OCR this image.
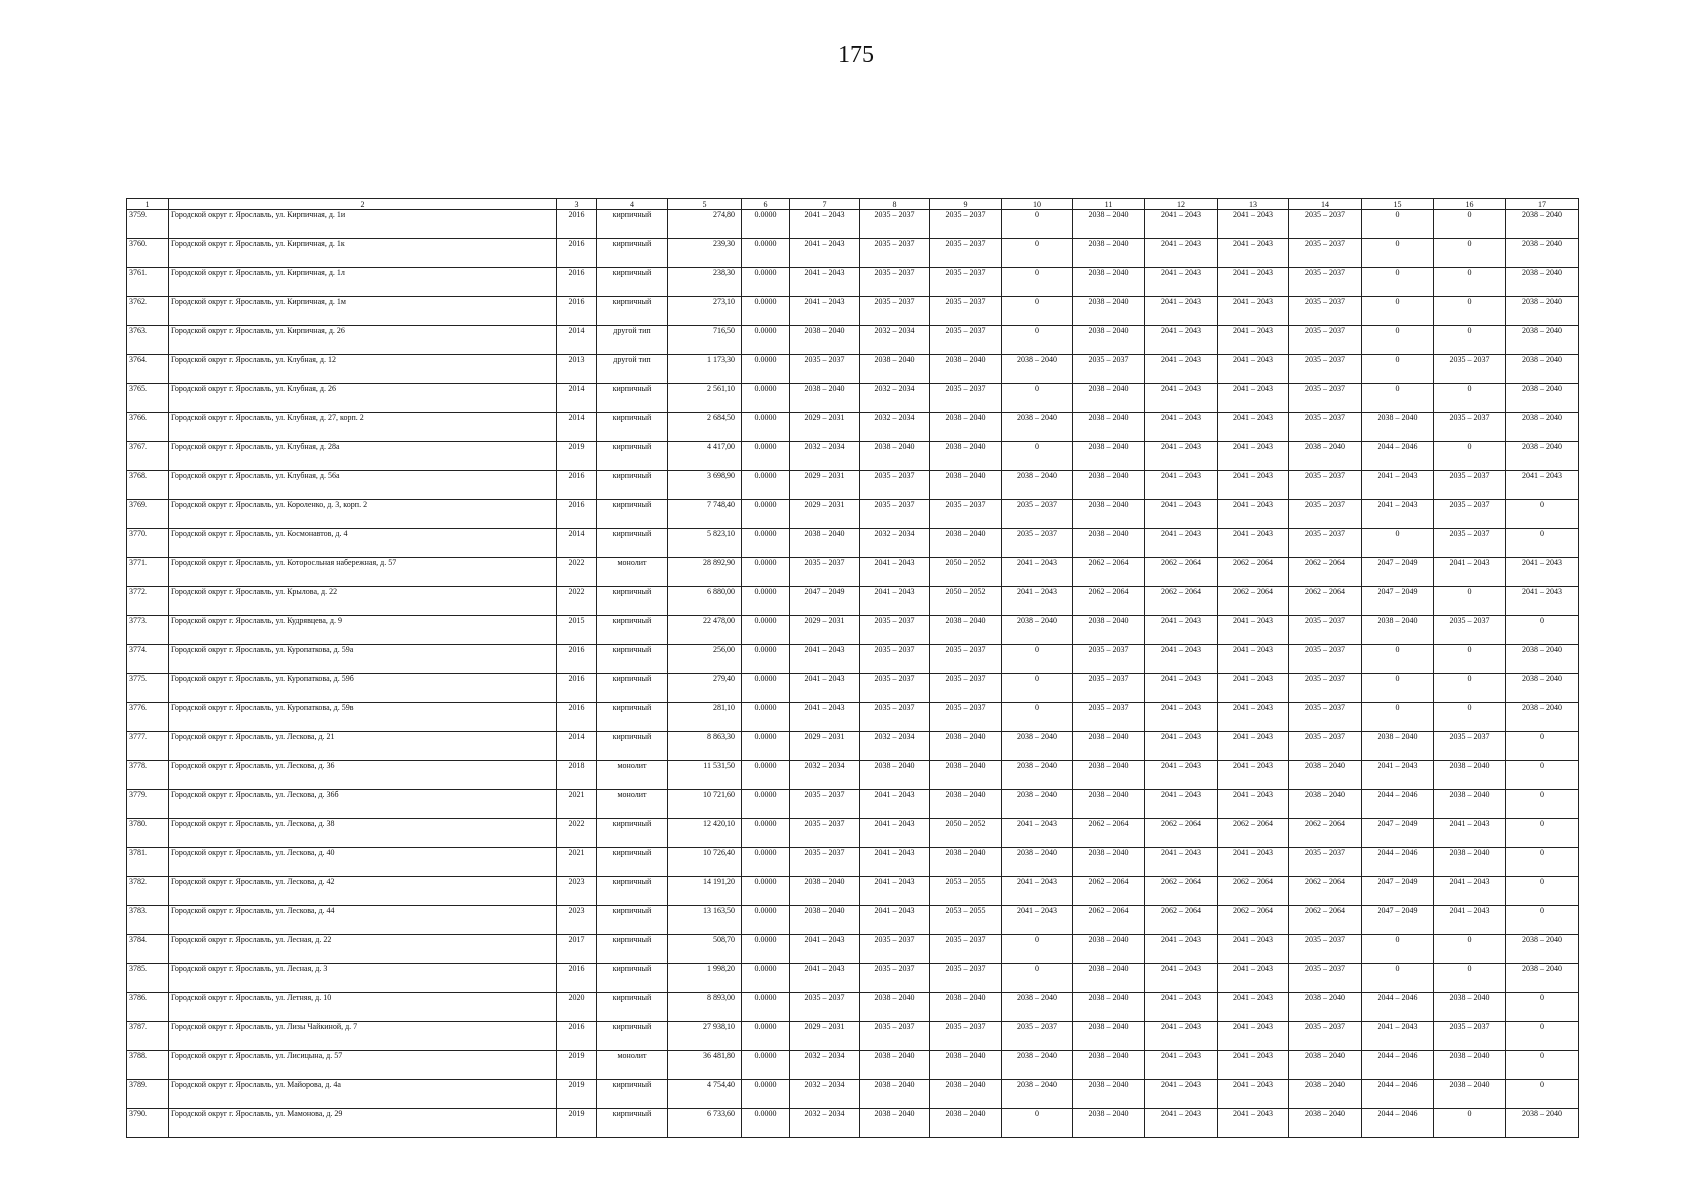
175
1	2	3	4	5	6	7	8	9	10	11	12	13	14	15	16	17
3759.	Городской округ г. Ярославль, ул. Кирпичная, д. 1и	2016	кирпичный	274,80	0.0000	2041 – 2043	2035 – 2037	2035 – 2037	0	2038 – 2040	2041 – 2043	2041 – 2043	2035 – 2037	0	0	2038 – 2040
3760.	Городской округ г. Ярославль, ул. Кирпичная, д. 1к	2016	кирпичный	239,30	0.0000	2041 – 2043	2035 – 2037	2035 – 2037	0	2038 – 2040	2041 – 2043	2041 – 2043	2035 – 2037	0	0	2038 – 2040
3761.	Городской округ г. Ярославль, ул. Кирпичная, д. 1л	2016	кирпичный	238,30	0.0000	2041 – 2043	2035 – 2037	2035 – 2037	0	2038 – 2040	2041 – 2043	2041 – 2043	2035 – 2037	0	0	2038 – 2040
3762.	Городской округ г. Ярославль, ул. Кирпичная, д. 1м	2016	кирпичный	273,10	0.0000	2041 – 2043	2035 – 2037	2035 – 2037	0	2038 – 2040	2041 – 2043	2041 – 2043	2035 – 2037	0	0	2038 – 2040
3763.	Городской округ г. Ярославль, ул. Кирпичная, д. 26	2014	другой тип	716,50	0.0000	2038 – 2040	2032 – 2034	2035 – 2037	0	2038 – 2040	2041 – 2043	2041 – 2043	2035 – 2037	0	0	2038 – 2040
3764.	Городской округ г. Ярославль, ул. Клубная, д. 12	2013	другой тип	1 173,30	0.0000	2035 – 2037	2038 – 2040	2038 – 2040	2038 – 2040	2035 – 2037	2041 – 2043	2041 – 2043	2035 – 2037	0	2035 – 2037	2038 – 2040
3765.	Городской округ г. Ярославль, ул. Клубная, д. 26	2014	кирпичный	2 561,10	0.0000	2038 – 2040	2032 – 2034	2035 – 2037	0	2038 – 2040	2041 – 2043	2041 – 2043	2035 – 2037	0	0	2038 – 2040
3766.	Городской округ г. Ярославль, ул. Клубная, д. 27, корп. 2	2014	кирпичный	2 684,50	0.0000	2029 – 2031	2032 – 2034	2038 – 2040	2038 – 2040	2038 – 2040	2041 – 2043	2041 – 2043	2035 – 2037	2038 – 2040	2035 – 2037	2038 – 2040
3767.	Городской округ г. Ярославль, ул. Клубная, д. 28а	2019	кирпичный	4 417,00	0.0000	2032 – 2034	2038 – 2040	2038 – 2040	0	2038 – 2040	2041 – 2043	2041 – 2043	2038 – 2040	2044 – 2046	0	2038 – 2040
3768.	Городской округ г. Ярославль, ул. Клубная, д. 56а	2016	кирпичный	3 698,90	0.0000	2029 – 2031	2035 – 2037	2038 – 2040	2038 – 2040	2038 – 2040	2041 – 2043	2041 – 2043	2035 – 2037	2041 – 2043	2035 – 2037	2041 – 2043
3769.	Городской округ г. Ярославль, ул. Короленко, д. 3, корп. 2	2016	кирпичный	7 748,40	0.0000	2029 – 2031	2035 – 2037	2035 – 2037	2035 – 2037	2038 – 2040	2041 – 2043	2041 – 2043	2035 – 2037	2041 – 2043	2035 – 2037	0
3770.	Городской округ г. Ярославль, ул. Космонавтов, д. 4	2014	кирпичный	5 823,10	0.0000	2038 – 2040	2032 – 2034	2038 – 2040	2035 – 2037	2038 – 2040	2041 – 2043	2041 – 2043	2035 – 2037	0	2035 – 2037	0
3771.	Городской округ г. Ярославль, ул. Которосльная набережная, д. 57	2022	монолит	28 892,90	0.0000	2035 – 2037	2041 – 2043	2050 – 2052	2041 – 2043	2062 – 2064	2062 – 2064	2062 – 2064	2062 – 2064	2047 – 2049	2041 – 2043	2041 – 2043
3772.	Городской округ г. Ярославль, ул. Крылова, д. 22	2022	кирпичный	6 880,00	0.0000	2047 – 2049	2041 – 2043	2050 – 2052	2041 – 2043	2062 – 2064	2062 – 2064	2062 – 2064	2062 – 2064	2047 – 2049	0	2041 – 2043
3773.	Городской округ г. Ярославль, ул. Кудрявцева, д. 9	2015	кирпичный	22 478,00	0.0000	2029 – 2031	2035 – 2037	2038 – 2040	2038 – 2040	2038 – 2040	2041 – 2043	2041 – 2043	2035 – 2037	2038 – 2040	2035 – 2037	0
3774.	Городской округ г. Ярославль, ул. Куропаткова, д. 59а	2016	кирпичный	256,00	0.0000	2041 – 2043	2035 – 2037	2035 – 2037	0	2035 – 2037	2041 – 2043	2041 – 2043	2035 – 2037	0	0	2038 – 2040
3775.	Городской округ г. Ярославль, ул. Куропаткова, д. 59б	2016	кирпичный	279,40	0.0000	2041 – 2043	2035 – 2037	2035 – 2037	0	2035 – 2037	2041 – 2043	2041 – 2043	2035 – 2037	0	0	2038 – 2040
3776.	Городской округ г. Ярославль, ул. Куропаткова, д. 59в	2016	кирпичный	281,10	0.0000	2041 – 2043	2035 – 2037	2035 – 2037	0	2035 – 2037	2041 – 2043	2041 – 2043	2035 – 2037	0	0	2038 – 2040
3777.	Городской округ г. Ярославль, ул. Лескова, д. 21	2014	кирпичный	8 863,30	0.0000	2029 – 2031	2032 – 2034	2038 – 2040	2038 – 2040	2038 – 2040	2041 – 2043	2041 – 2043	2035 – 2037	2038 – 2040	2035 – 2037	0
3778.	Городской округ г. Ярославль, ул. Лескова, д. 36	2018	монолит	11 531,50	0.0000	2032 – 2034	2038 – 2040	2038 – 2040	2038 – 2040	2038 – 2040	2041 – 2043	2041 – 2043	2038 – 2040	2041 – 2043	2038 – 2040	0
3779.	Городской округ г. Ярославль, ул. Лескова, д. 36б	2021	монолит	10 721,60	0.0000	2035 – 2037	2041 – 2043	2038 – 2040	2038 – 2040	2038 – 2040	2041 – 2043	2041 – 2043	2038 – 2040	2044 – 2046	2038 – 2040	0
3780.	Городской округ г. Ярославль, ул. Лескова, д. 38	2022	кирпичный	12 420,10	0.0000	2035 – 2037	2041 – 2043	2050 – 2052	2041 – 2043	2062 – 2064	2062 – 2064	2062 – 2064	2062 – 2064	2047 – 2049	2041 – 2043	0
3781.	Городской округ г. Ярославль, ул. Лескова, д. 40	2021	кирпичный	10 726,40	0.0000	2035 – 2037	2041 – 2043	2038 – 2040	2038 – 2040	2038 – 2040	2041 – 2043	2041 – 2043	2035 – 2037	2044 – 2046	2038 – 2040	0
3782.	Городской округ г. Ярославль, ул. Лескова, д. 42	2023	кирпичный	14 191,20	0.0000	2038 – 2040	2041 – 2043	2053 – 2055	2041 – 2043	2062 – 2064	2062 – 2064	2062 – 2064	2062 – 2064	2047 – 2049	2041 – 2043	0
3783.	Городской округ г. Ярославль, ул. Лескова, д. 44	2023	кирпичный	13 163,50	0.0000	2038 – 2040	2041 – 2043	2053 – 2055	2041 – 2043	2062 – 2064	2062 – 2064	2062 – 2064	2062 – 2064	2047 – 2049	2041 – 2043	0
3784.	Городской округ г. Ярославль, ул. Лесная, д. 22	2017	кирпичный	508,70	0.0000	2041 – 2043	2035 – 2037	2035 – 2037	0	2038 – 2040	2041 – 2043	2041 – 2043	2035 – 2037	0	0	2038 – 2040
3785.	Городской округ г. Ярославль, ул. Лесная, д. 3	2016	кирпичный	1 998,20	0.0000	2041 – 2043	2035 – 2037	2035 – 2037	0	2038 – 2040	2041 – 2043	2041 – 2043	2035 – 2037	0	0	2038 – 2040
3786.	Городской округ г. Ярославль, ул. Летняя, д. 10	2020	кирпичный	8 893,00	0.0000	2035 – 2037	2038 – 2040	2038 – 2040	2038 – 2040	2038 – 2040	2041 – 2043	2041 – 2043	2038 – 2040	2044 – 2046	2038 – 2040	0
3787.	Городской округ г. Ярославль, ул. Лизы Чайкиной, д. 7	2016	кирпичный	27 938,10	0.0000	2029 – 2031	2035 – 2037	2035 – 2037	2035 – 2037	2038 – 2040	2041 – 2043	2041 – 2043	2035 – 2037	2041 – 2043	2035 – 2037	0
3788.	Городской округ г. Ярославль, ул. Лисицына, д. 57	2019	монолит	36 481,80	0.0000	2032 – 2034	2038 – 2040	2038 – 2040	2038 – 2040	2038 – 2040	2041 – 2043	2041 – 2043	2038 – 2040	2044 – 2046	2038 – 2040	0
3789.	Городской округ г. Ярославль, ул. Майорова, д. 4а	2019	кирпичный	4 754,40	0.0000	2032 – 2034	2038 – 2040	2038 – 2040	2038 – 2040	2038 – 2040	2041 – 2043	2041 – 2043	2038 – 2040	2044 – 2046	2038 – 2040	0
3790.	Городской округ г. Ярославль, ул. Мамонова, д. 29	2019	кирпичный	6 733,60	0.0000	2032 – 2034	2038 – 2040	2038 – 2040	0	2038 – 2040	2041 – 2043	2041 – 2043	2038 – 2040	2044 – 2046	0	2038 – 2040
